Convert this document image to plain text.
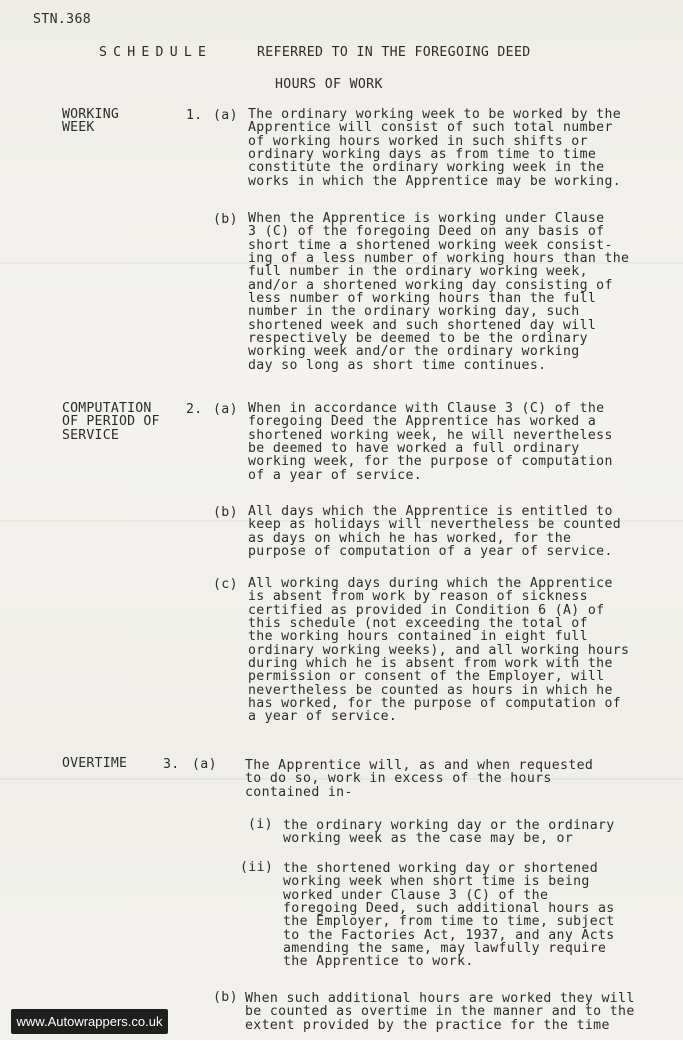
STN.368
SCHEDULE	REFERRED TO IN THE FOREGOING DEED
HOURS OF WORK
WORKING
WEEK
1. (a) The ordinary working week to be worked by the
Apprentice will consist of such total number
of working hours worked in such shifts or
ordinary working days as from time to time
constitute the ordinary working week in the
works in which the Apprentice may be working.
(b) When the Apprentice is working under Clause
3 (C) of the foregoing Deed on any basis of
short time a shortened working week consist-
ing of a less number of working hours than the
full number in the ordinary working week,
and/or a shortened working day consisting of
less number of working hours than the full
number in the ordinary working day, such
shortened week and such shortened day will
respectively be deemed to be the ordinary
working week and/or the ordinary working
day so long as short time continues.
COMPUTATION
OF PERIOD OF
SERVICE
2. (a) When in accordance with Clause 3 (C) of the
foregoing Deed the Apprentice has worked a
shortened working week, he will nevertheless
be deemed to have worked a full ordinary
working week, for the purpose of computation
of a year of service.
(b) All days which the Apprentice is entitled to
keep as holidays will nevertheless be counted
as days on which he has worked, for the
purpose of computation of a year of service.
(c) All working days during which the Apprentice
is absent from work by reason of sickness
certified as provided in Condition 6 (A) of
this schedule (not exceeding the total of
the working hours contained in eight full
ordinary working weeks), and all working hours
during which he is absent from work with the
permission or consent of the Employer, will
nevertheless be counted as hours in which he
has worked, for the purpose of computation of
a year of service.
OVERTIME	3. (a) The Apprentice will, as and when requested
to do so, work in excess of the hours
contained in-
(i) the ordinary working day or the ordinary
working week as the case may be, or
(ii) the shortened working day or shortened
working week when short time is being
worked under Clause 3 (C) of the
foregoing Deed, such additional hours as
the Employer, from time to time, subject
to the Factories Act, 1937, and any Acts
amending the same, may lawfully require
the Apprentice to work.
(b) When such additional hours are worked they will
be counted as overtime in the manner and to the
extent provided by the practice for the time
www.Autowrappers.co.uk
